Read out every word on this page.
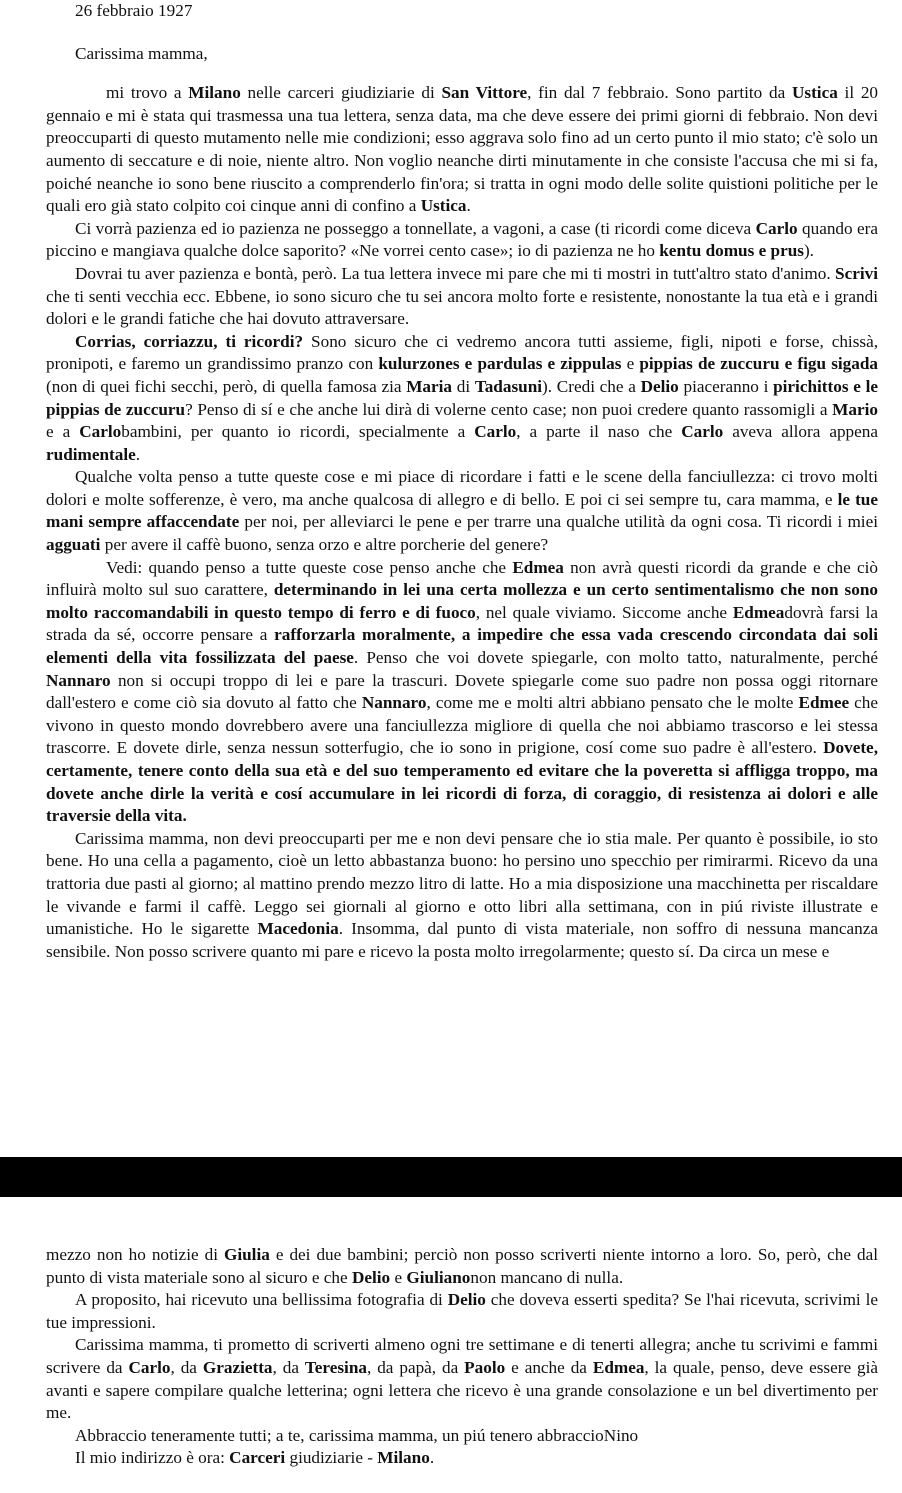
26 febbraio 1927
Carissima mamma,

mi trovo a Milano nelle carceri giudiziarie di San Vittore, fin dal 7 febbraio. Sono partito da Ustica il 20 gennaio e mi è stata qui trasmessa una tua lettera, senza data, ma che deve essere dei primi giorni di febbraio. Non devi preoccuparti di questo mutamento nelle mie condizioni; esso aggrava solo fino ad un certo punto il mio stato; c'è solo un aumento di seccature e di noie, niente altro. Non voglio neanche dirti minutamente in che consiste l'accusa che mi si fa, poiché neanche io sono bene riuscito a comprenderlo fin'ora; si tratta in ogni modo delle solite quistioni politiche per le quali ero già stato colpito coi cinque anni di confino a Ustica.

Ci vorrà pazienza ed io pazienza ne posseggo a tonnellate, a vagoni, a case (ti ricordi come diceva Carlo quando era piccino e mangiava qualche dolce saporito? «Ne vorrei cento case»; io di pazienza ne ho kentu domus e prus).

Dovrai tu aver pazienza e bontà, però. La tua lettera invece mi pare che mi ti mostri in tutt'altro stato d'animo. Scrivi che ti senti vecchia ecc. Ebbene, io sono sicuro che tu sei ancora molto forte e resistente, nonostante la tua età e i grandi dolori e le grandi fatiche che hai dovuto attraversare.

Corrias, corriazzu, ti ricordi? Sono sicuro che ci vedremo ancora tutti assieme, figli, nipoti e forse, chissà, pronipoti, e faremo un grandissimo pranzo con kulurzones e pardulas e zippulas e pippias de zuccuru e figu sigada (non di quei fichi secchi, però, di quella famosa zia Maria di Tadasuni). Credi che a Delio piaceranno i pirichittos e le pippias de zuccuru? Penso di sí e che anche lui dirà di volerne cento case; non puoi credere quanto rassomigli a Mario e a Carlobambini, per quanto io ricordi, specialmente a Carlo, a parte il naso che Carlo aveva allora appena rudimentale.

Qualche volta penso a tutte queste cose e mi piace di ricordare i fatti e le scene della fanciullezza: ci trovo molti dolori e molte sofferenze, è vero, ma anche qualcosa di allegro e di bello. E poi ci sei sempre tu, cara mamma, e le tue mani sempre affaccendate per noi, per alleviarci le pene e per trarre una qualche utilità da ogni cosa. Ti ricordi i miei agguati per avere il caffè buono, senza orzo e altre porcherie del genere?

Vedi: quando penso a tutte queste cose penso anche che Edmea non avrà questi ricordi da grande e che ciò influirà molto sul suo carattere, determinando in lei una certa mollezza e un certo sentimentalismo che non sono molto raccomandabili in questo tempo di ferro e di fuoco, nel quale viviamo. Siccome anche Edmeadovrà farsi la strada da sé, occorre pensare a rafforzarla moralmente, a impedire che essa vada crescendo circondata dai soli elementi della vita fossilizzata del paese. Penso che voi dovete spiegarle, con molto tatto, naturalmente, perché Nannaro non si occupi troppo di lei e pare la trascuri. Dovete spiegarle come suo padre non possa oggi ritornare dall'estero e come ciò sia dovuto al fatto che Nannaro, come me e molti altri abbiano pensato che le molte Edmee che vivono in questo mondo dovrebbero avere una fanciullezza migliore di quella che noi abbiamo trascorso e lei stessa trascorre. E dovete dirle, senza nessun sotterfugio, che io sono in prigione, cosí come suo padre è all'estero. Dovete, certamente, tenere conto della sua età e del suo temperamento ed evitare che la poveretta si affligga troppo, ma dovete anche dirle la verità e cosí accumulare in lei ricordi di forza, di coraggio, di resistenza ai dolori e alle traversie della vita.

Carissima mamma, non devi preoccuparti per me e non devi pensare che io stia male. Per quanto è possibile, io sto bene. Ho una cella a pagamento, cioè un letto abbastanza buono: ho persino uno specchio per rimirarmi. Ricevo da una trattoria due pasti al giorno; al mattino prendo mezzo litro di latte. Ho a mia disposizione una macchinetta per riscaldare le vivande e farmi il caffè. Leggo sei giornali al giorno e otto libri alla settimana, con in piú riviste illustrate e umanistiche. Ho le sigarette Macedonia. Insomma, dal punto di vista materiale, non soffro di nessuna mancanza sensibile. Non posso scrivere quanto mi pare e ricevo la posta molto irregolarmente; questo sí. Da circa un mese e

mezzo non ho notizie di Giulia e dei due bambini; perciò non posso scriverti niente intorno a loro. So, però, che dal punto di vista materiale sono al sicuro e che Delio e Giulianonon mancano di nulla.

A proposito, hai ricevuto una bellissima fotografia di Delio che doveva esserti spedita? Se l'hai ricevuta, scrivimi le tue impressioni.

Carissima mamma, ti prometto di scriverti almeno ogni tre settimane e di tenerti allegra; anche tu scrivimi e fammi scrivere da Carlo, da Grazietta, da Teresina, da papà, da Paolo e anche da Edmea, la quale, penso, deve essere già avanti e sapere compilare qualche letterina; ogni lettera che ricevo è una grande consolazione e un bel divertimento per me.

Abbraccio teneramente tutti; a te, carissima mamma, un piú tenero abbraccioNino

Il mio indirizzo è ora: Carceri giudiziarie - Milano.
